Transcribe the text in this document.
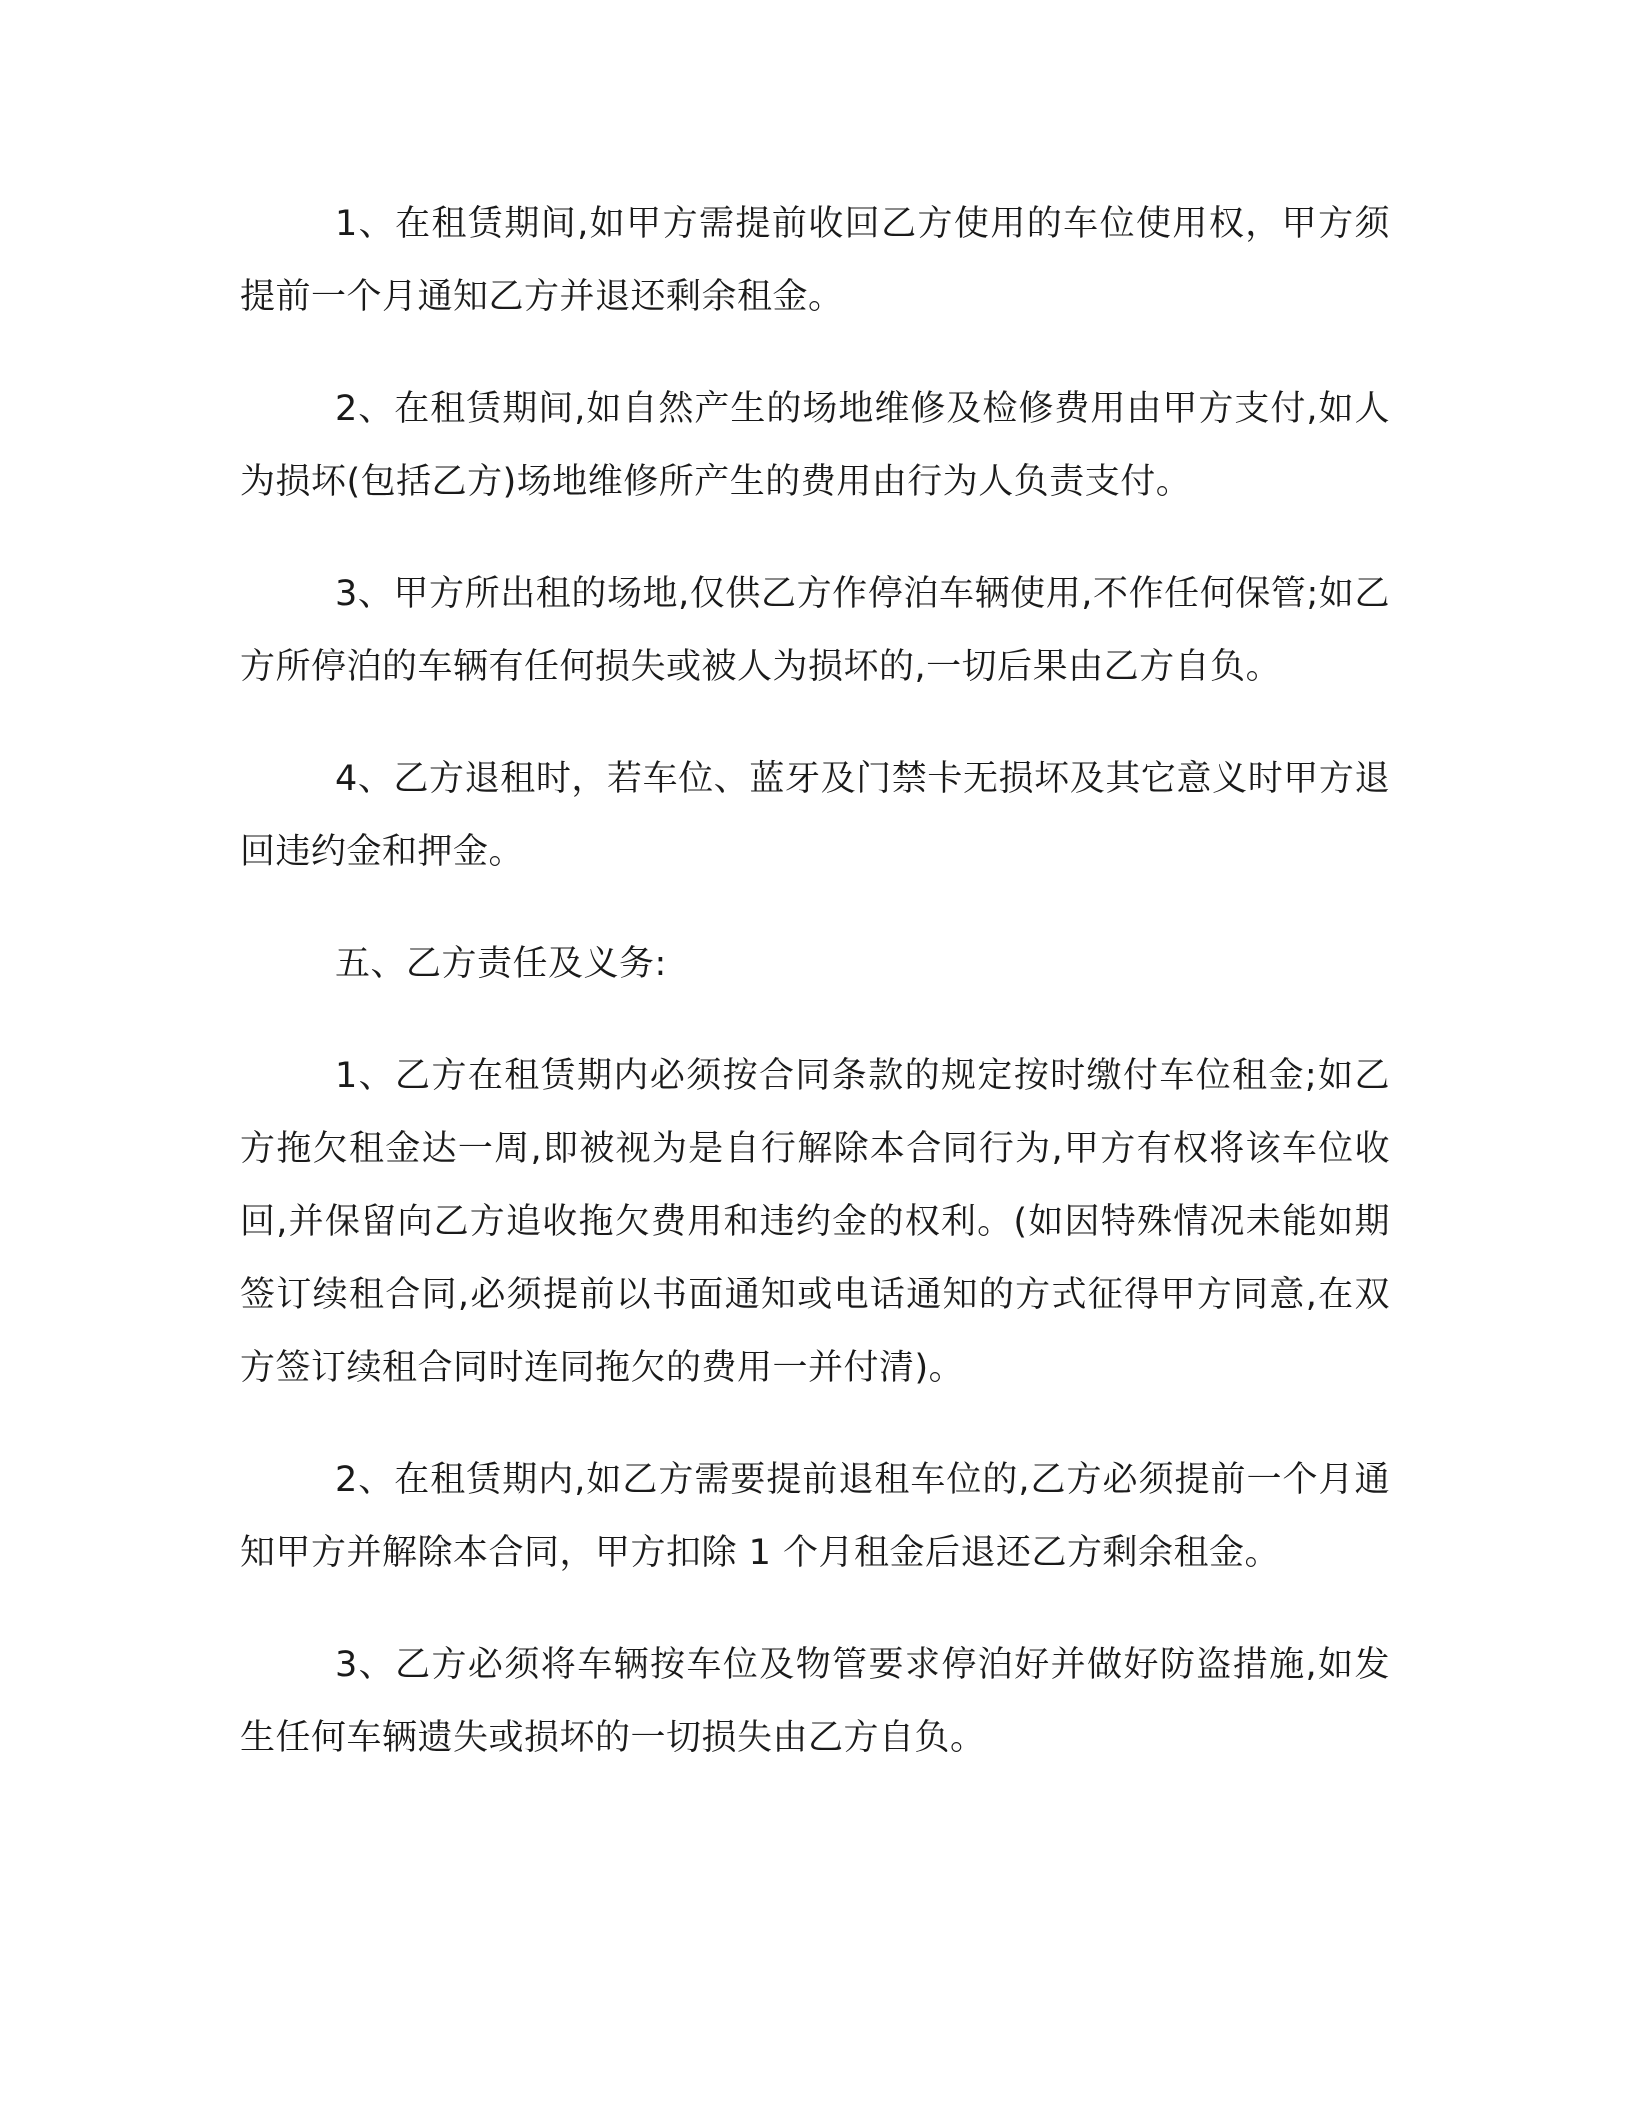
1、在租赁期间,如甲方需提前收回乙方使用的车位使用权，甲方须提前一个月通知乙方并退还剩余租金。

2、在租赁期间,如自然产生的场地维修及检修费用由甲方支付,如人为损坏(包括乙方)场地维修所产生的费用由行为人负责支付。

3、甲方所出租的场地,仅供乙方作停泊车辆使用,不作任何保管;如乙方所停泊的车辆有任何损失或被人为损坏的,一切后果由乙方自负。

4、乙方退租时，若车位、蓝牙及门禁卡无损坏及其它意义时甲方退回违约金和押金。

五、乙方责任及义务:

1、乙方在租赁期内必须按合同条款的规定按时缴付车位租金;如乙方拖欠租金达一周,即被视为是自行解除本合同行为,甲方有权将该车位收回,并保留向乙方追收拖欠费用和违约金的权利。(如因特殊情况未能如期签订续租合同,必须提前以书面通知或电话通知的方式征得甲方同意,在双方签订续租合同时连同拖欠的费用一并付清)。

2、在租赁期内,如乙方需要提前退租车位的,乙方必须提前一个月通知甲方并解除本合同，甲方扣除 1 个月租金后退还乙方剩余租金。

3、乙方必须将车辆按车位及物管要求停泊好并做好防盗措施,如发生任何车辆遗失或损坏的一切损失由乙方自负。
